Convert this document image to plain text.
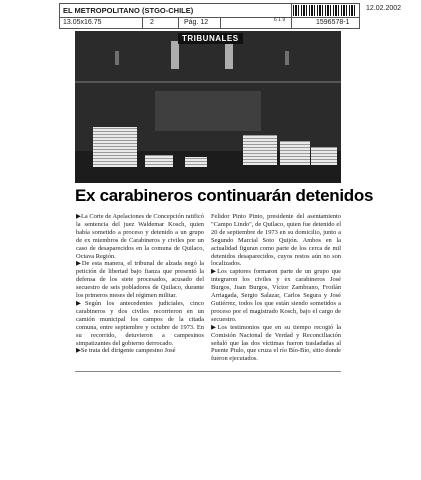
EL METROPOLITANO (STGO-CHILE)
13.05x16.75	2	Pág. 12	6 1 9	1596578-1
12.02.2002
TRIBUNALES
Ex carabineros continuarán detenidos

▶La Corte de Apelaciones de Concepción ratificó la sentencia del juez Waldemar Kosch, quien había sometido a proceso y detenido a un grupo de ex miembros de Carabineros y civiles por un caso de desaparecidos en la comuna de Quilaco, Octava Región.

▶De esta manera, el tribunal de alzada negó la petición de libertad bajo fianza que presentó la defensa de los siete procesados, acusado del secuestro de seis pobladores de Quilaco, durante los primeros meses del régimen militar.

▶Según los antecedentes judiciales, cinco carabineros y dos civiles recorrieron en un camión municipal los campos de la citada comuna, entre septiembre y octubre de 1973. En su recorrido, detuvieron a campesinos simpatizantes del gobierno derrocado.

▶Se trata del dirigente campesino José

Felidor Pinto Pinto, presidente del asentamiento "Campo Lindo", de Quilaco, quien fue detenido el 20 de septiembre de 1973 en su domicilio, junto a Segundo Marcial Soto Quijón. Ambos en la actualidad figuran como parte de los cerca de mil detenidos desaparecidos, cuyos restos aún no son localizados.

▶Los captores formaron parte de un grupo que integraron los civiles y ex carabineros José Burgos, Juan Burgos, Víctor Zambrano, Froilán Arriagada, Sergio Salazar, Carlos Segura y José Gutiérrez, todos los que están siendo sometidos a proceso por el magistrado Kosch, bajo el cargo de secuestro.

▶Los testimonios que en su tiempo recogió la Comisión Nacional de Verdad y Reconciliación señaló que las dos víctimas fueron trasladadas al Puente Piulo, que cruza el río Bío-Bío, sitio donde fueron ejecutados.
